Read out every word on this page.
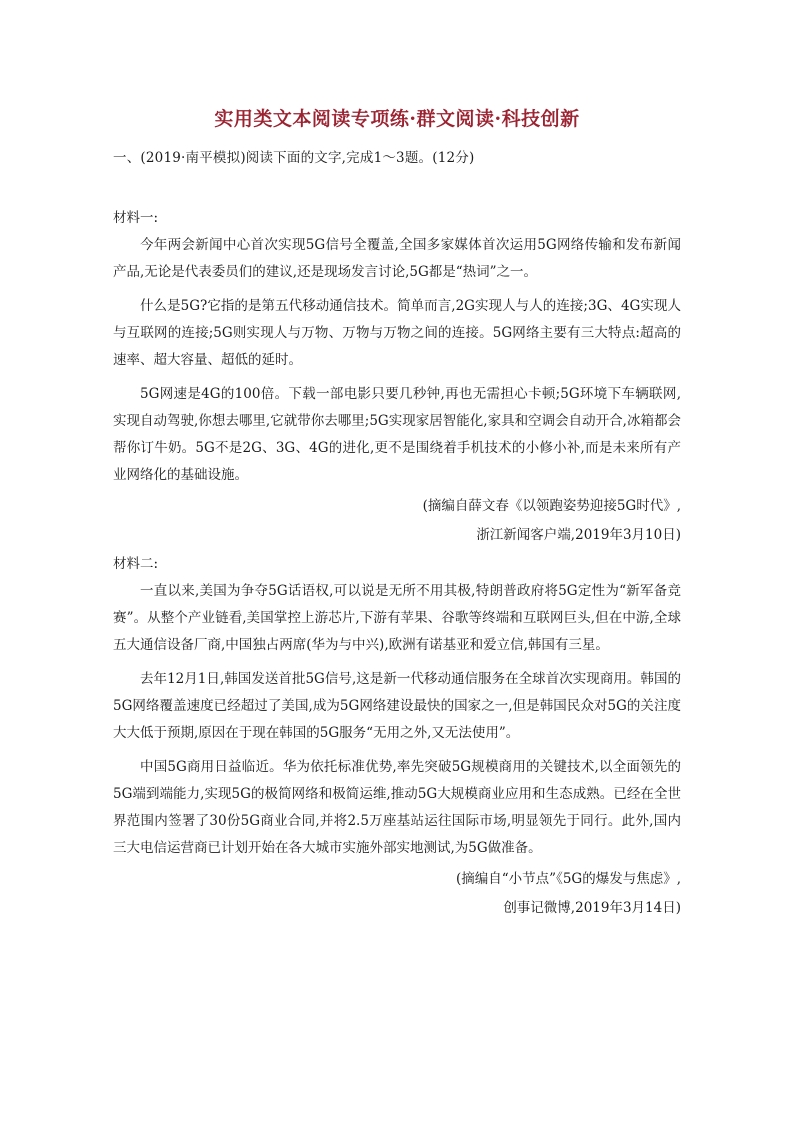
实用类文本阅读专项练·群文阅读·科技创新
一、(2019·南平模拟)阅读下面的文字,完成1～3题。(12分)

材料一:

今年两会新闻中心首次实现5G信号全覆盖,全国多家媒体首次运用5G网络传输和发布新闻产品,无论是代表委员们的建议,还是现场发言讨论,5G都是“热词”之一。

什么是5G?它指的是第五代移动通信技术。简单而言,2G实现人与人的连接;3G、4G实现人与互联网的连接;5G则实现人与万物、万物与万物之间的连接。5G网络主要有三大特点:超高的速率、超大容量、超低的延时。

5G网速是4G的100倍。下载一部电影只要几秒钟,再也无需担心卡顿;5G环境下车辆联网,实现自动驾驶,你想去哪里,它就带你去哪里;5G实现家居智能化,家具和空调会自动开合,冰箱都会帮你订牛奶。5G不是2G、3G、4G的进化,更不是围绕着手机技术的小修小补,而是未来所有产业网络化的基础设施。

(摘编自薛文春《以领跑姿势迎接5G时代》,

浙江新闻客户端,2019年3月10日)

材料二:

一直以来,美国为争夺5G话语权,可以说是无所不用其极,特朗普政府将5G定性为“新军备竞赛”。从整个产业链看,美国掌控上游芯片,下游有苹果、谷歌等终端和互联网巨头,但在中游,全球五大通信设备厂商,中国独占两席(华为与中兴),欧洲有诺基亚和爱立信,韩国有三星。

去年12月1日,韩国发送首批5G信号,这是新一代移动通信服务在全球首次实现商用。韩国的5G网络覆盖速度已经超过了美国,成为5G网络建设最快的国家之一,但是韩国民众对5G的关注度大大低于预期,原因在于现在韩国的5G服务“无用之外,又无法使用”。

中国5G商用日益临近。华为依托标准优势,率先突破5G规模商用的关键技术,以全面领先的5G端到端能力,实现5G的极简网络和极简运维,推动5G大规模商业应用和生态成熟。已经在全世界范围内签署了30份5G商业合同,并将2.5万座基站运往国际市场,明显领先于同行。此外,国内三大电信运营商已计划开始在各大城市实施外部实地测试,为5G做准备。

(摘编自“小节点”《5G的爆发与焦虑》,

创事记微博,2019年3月14日)
